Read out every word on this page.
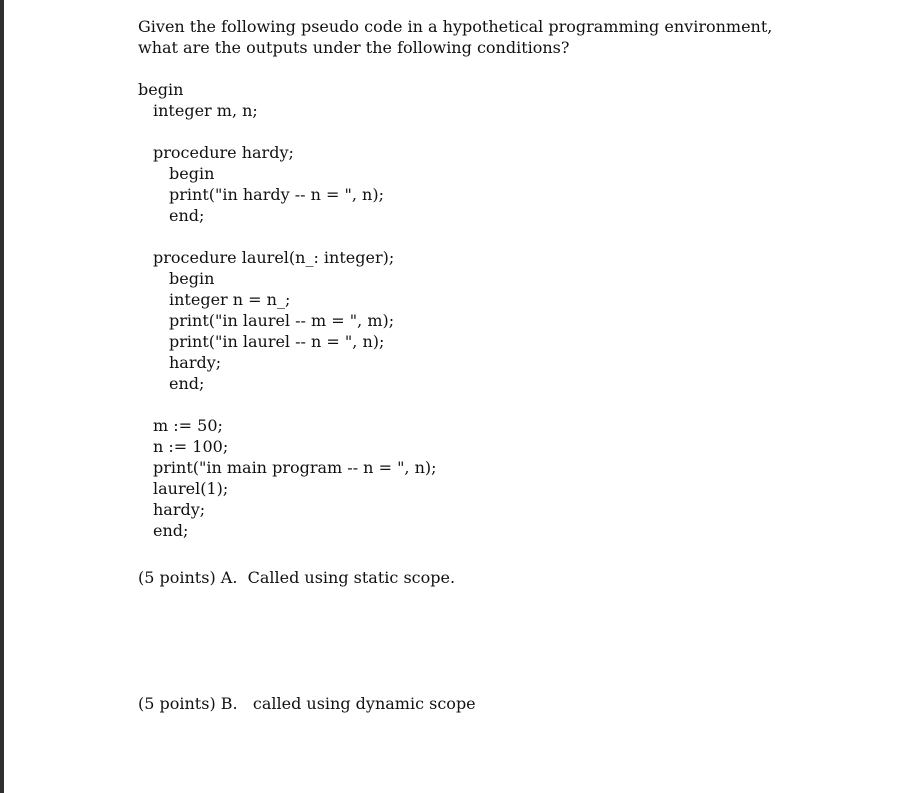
Given the following pseudo code in a hypothetical programming environment, what are the outputs under the following conditions?

begin
integer m, n;
procedure hardy;
begin
print("in hardy -- n = ", n);
end;
procedure laurel(n_: integer);
begin
integer n = n_;
print("in laurel -- m = ", m);
print("in laurel -- n = ", n);
hardy;
end;
m := 50;
n := 100;
print("in main program -- n = ", n);
laurel(1);
hardy;
end;
(5 points) A.  Called using static scope.
(5 points) B.   called using dynamic scope
